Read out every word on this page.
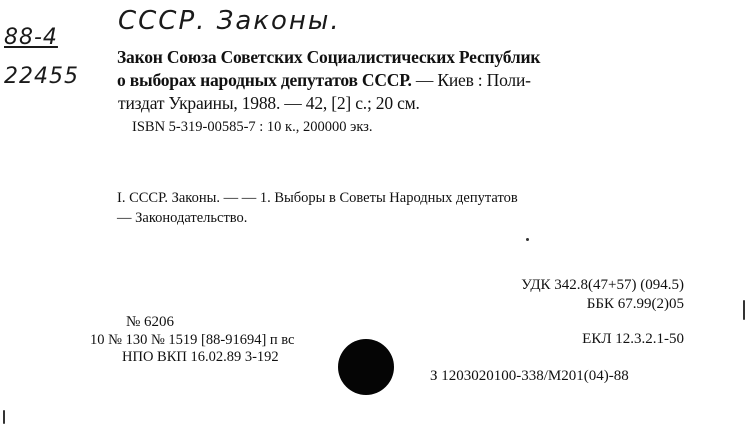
СССР. Законы.
88-4
22455
Закон Союза Советских Социалистических Республик
о выборах народных депутатов СССР. — Киев : Поли-
тиздат Украины, 1988. — 42, [2] с.; 20 см.
ISBN 5-319-00585-7 : 10 к., 200000 экз.
I. СССР. Законы. — — 1. Выборы в Советы Народных депутатов
— Законодательство.
УДК 342.8(47+57) (094.5)
ББК 67.99(2)05
ЕКЛ 12.3.2.1-50
№ 6206
10 № 130 № 1519 [88-91694] п вс
НПО ВКП 16.02.89 3-192
З 1203020100-338/М201(04)-88
